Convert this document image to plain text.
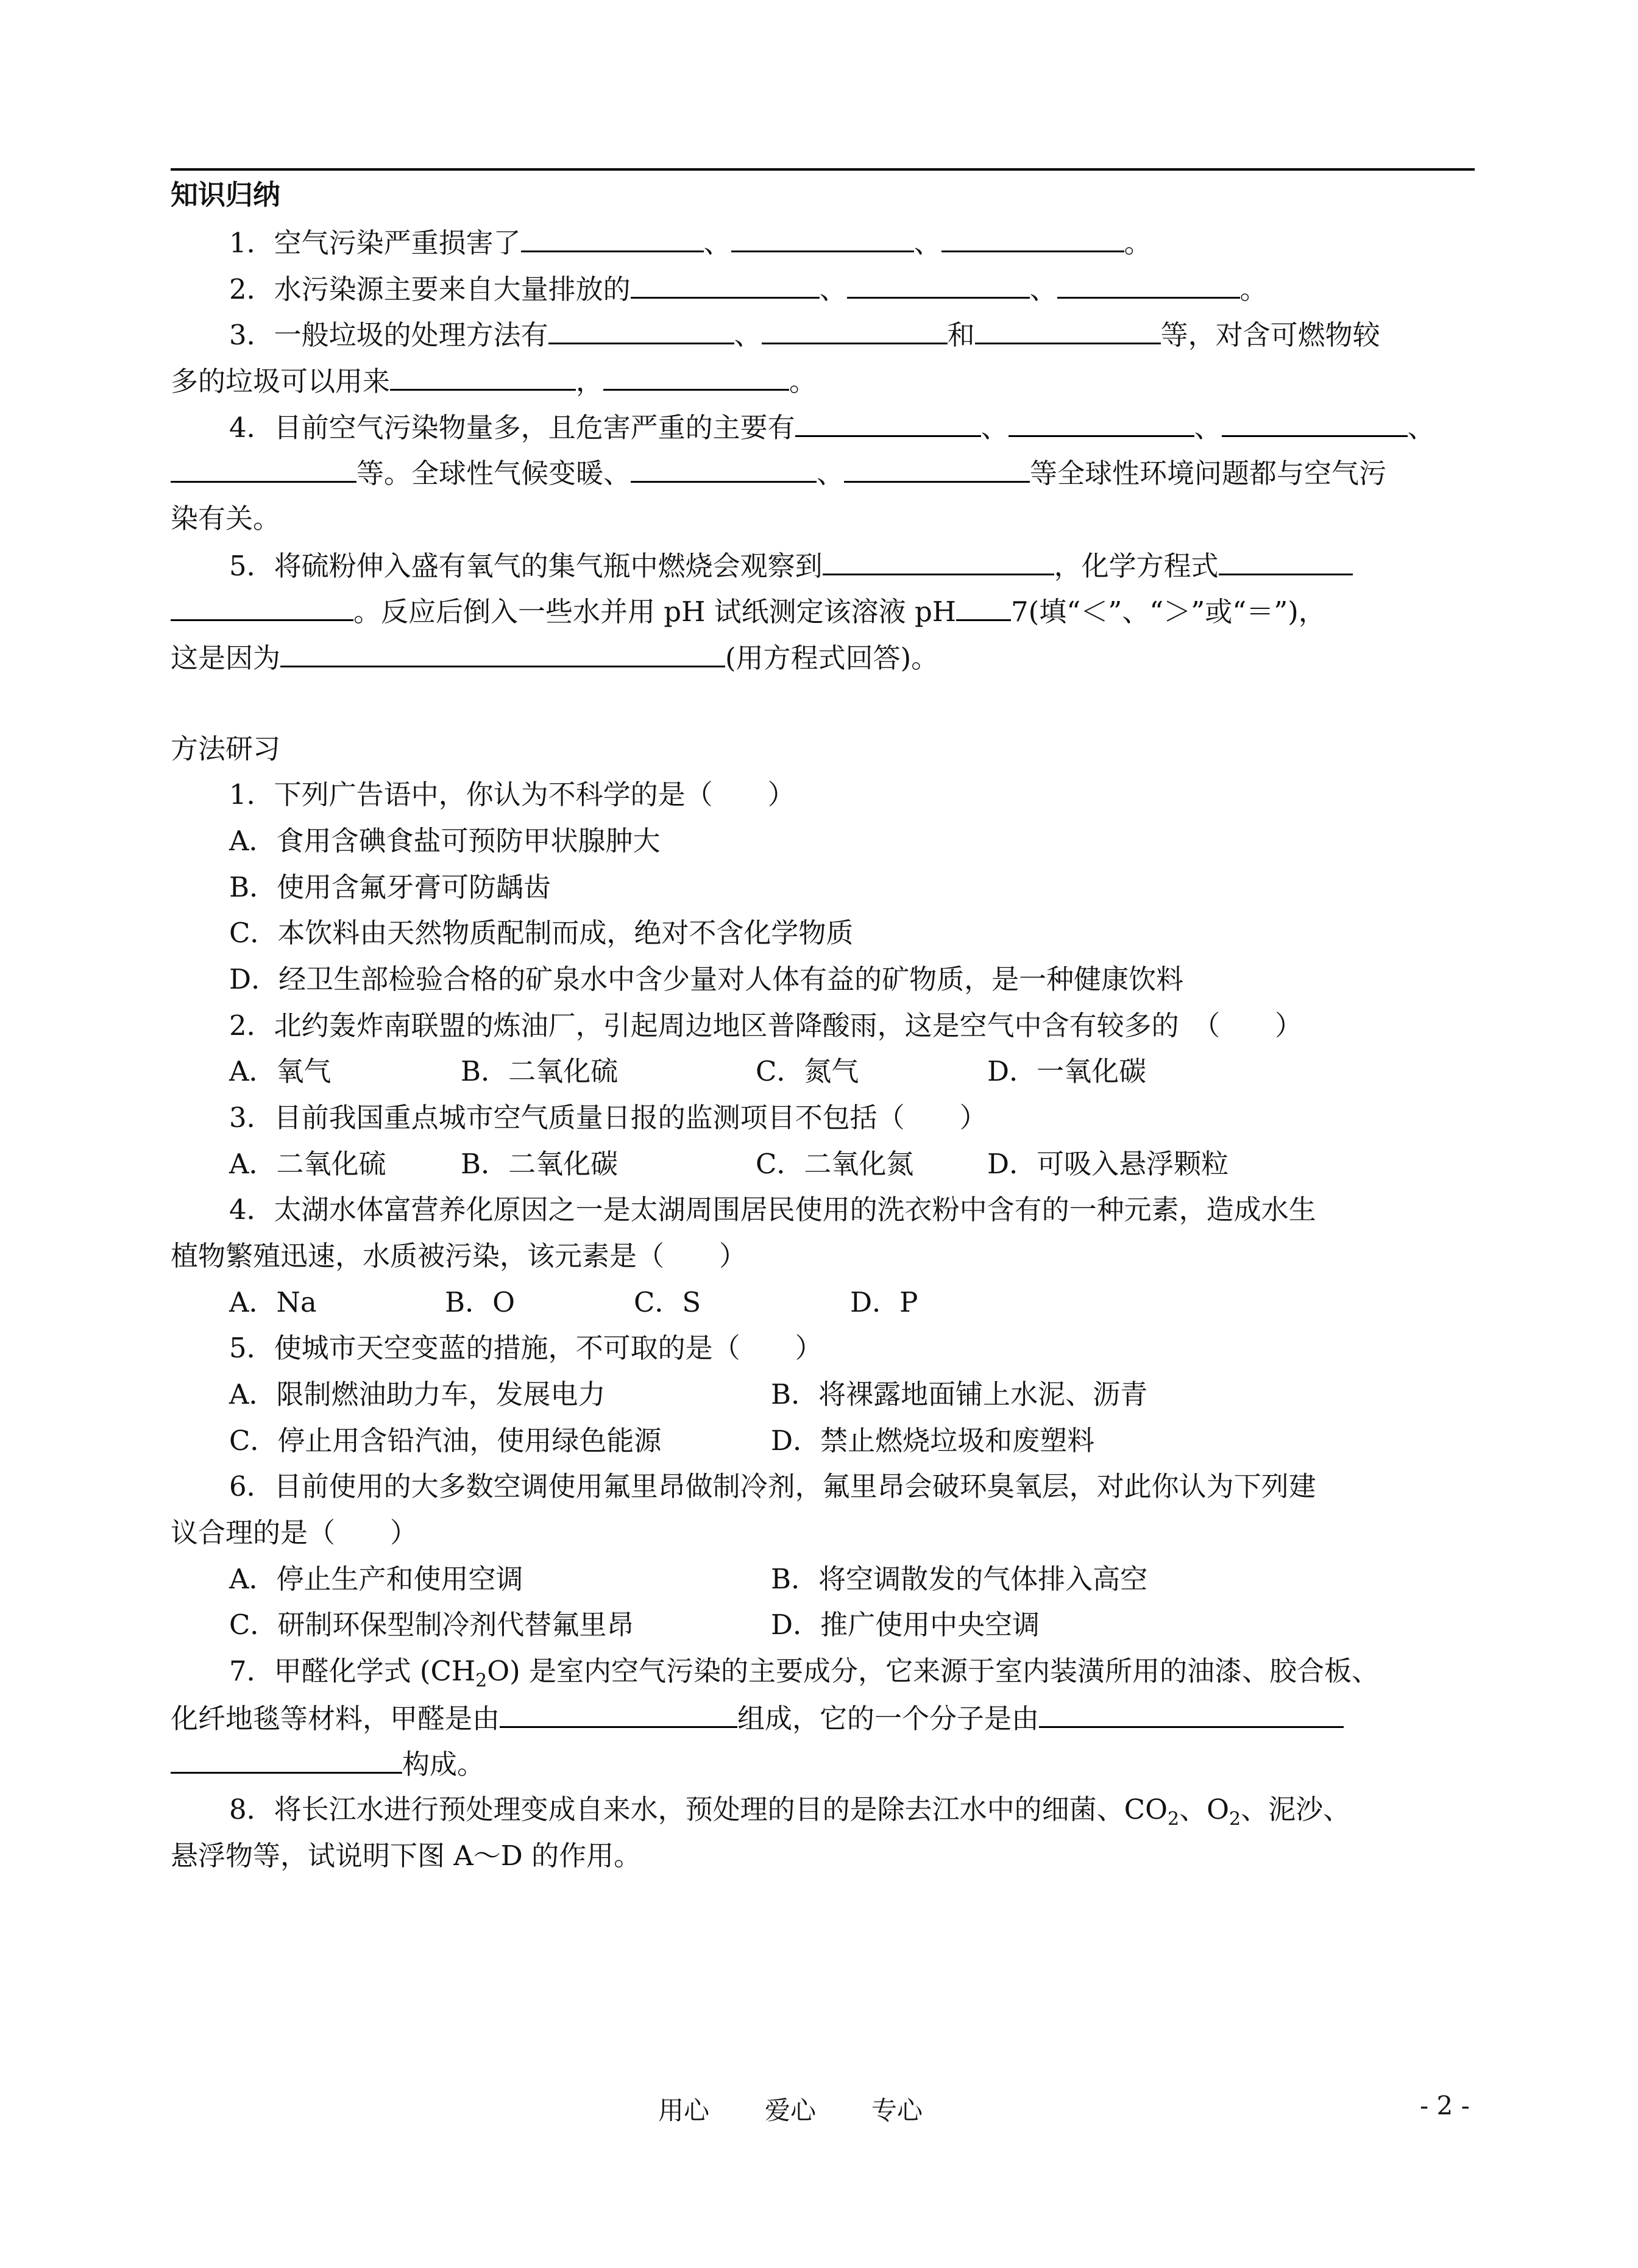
知识归纳
1．空气污染严重损害了	、	、	。
2．水污染源主要来自大量排放的	、	、	。
3．一般垃圾的处理方法有	、	和	等，对含可燃物较
多的垃圾可以用来	，	。
4．目前空气污染物量多，且危害严重的主要有	、	、	、
等。全球性气候变暖、	、	等全球性环境问题都与空气污
染有关。
5．将硫粉伸入盛有氧气的集气瓶中燃烧会观察到	，化学方程式
。反应后倒入一些水并用 pH 试纸测定该溶液 pH 7(填“＜”、“＞”或“＝”)，
这是因为	(用方程式回答)。
方法研习
1．下列广告语中，你认为不科学的是（　　）
A．食用含碘食盐可预防甲状腺肿大
B．使用含氟牙膏可防龋齿
C．本饮料由天然物质配制而成，绝对不含化学物质
D．经卫生部检验合格的矿泉水中含少量对人体有益的矿物质，是一种健康饮料
2．北约轰炸南联盟的炼油厂，引起周边地区普降酸雨，这是空气中含有较多的　（　　）
A．氧气	B．二氧化硫	C．氮气	D．一氧化碳
3．目前我国重点城市空气质量日报的监测项目不包括（　　）
A．二氧化硫	B．二氧化碳	C．二氧化氮	D．可吸入悬浮颗粒
4．太湖水体富营养化原因之一是太湖周围居民使用的洗衣粉中含有的一种元素，造成水生
植物繁殖迅速，水质被污染，该元素是（　　）
A．Na	B．O	C．S	D．P
5．使城市天空变蓝的措施，不可取的是（　　）
A．限制燃油助力车，发展电力	B．将裸露地面铺上水泥、沥青
C．停止用含铅汽油，使用绿色能源	D．禁止燃烧垃圾和废塑料
6．目前使用的大多数空调使用氟里昂做制冷剂，氟里昂会破环臭氧层，对此你认为下列建
议合理的是（　　）
A．停止生产和使用空调	B．将空调散发的气体排入高空
C．研制环保型制冷剂代替氟里昂	D．推广使用中央空调
7．甲醛化学式 $(CH_2O)$ 是室内空气污染的主要成分，它来源于室内装潢所用的油漆、胶合板、
化纤地毯等材料，甲醛是由	组成，它的一个分子是由
构成。
8．将长江水进行预处理变成自来水，预处理的目的是除去江水中的细菌、$CO_2$、$O_2$、泥沙、
悬浮物等，试说明下图 A～D 的作用。
用心 爱心 专心	- 2 -
